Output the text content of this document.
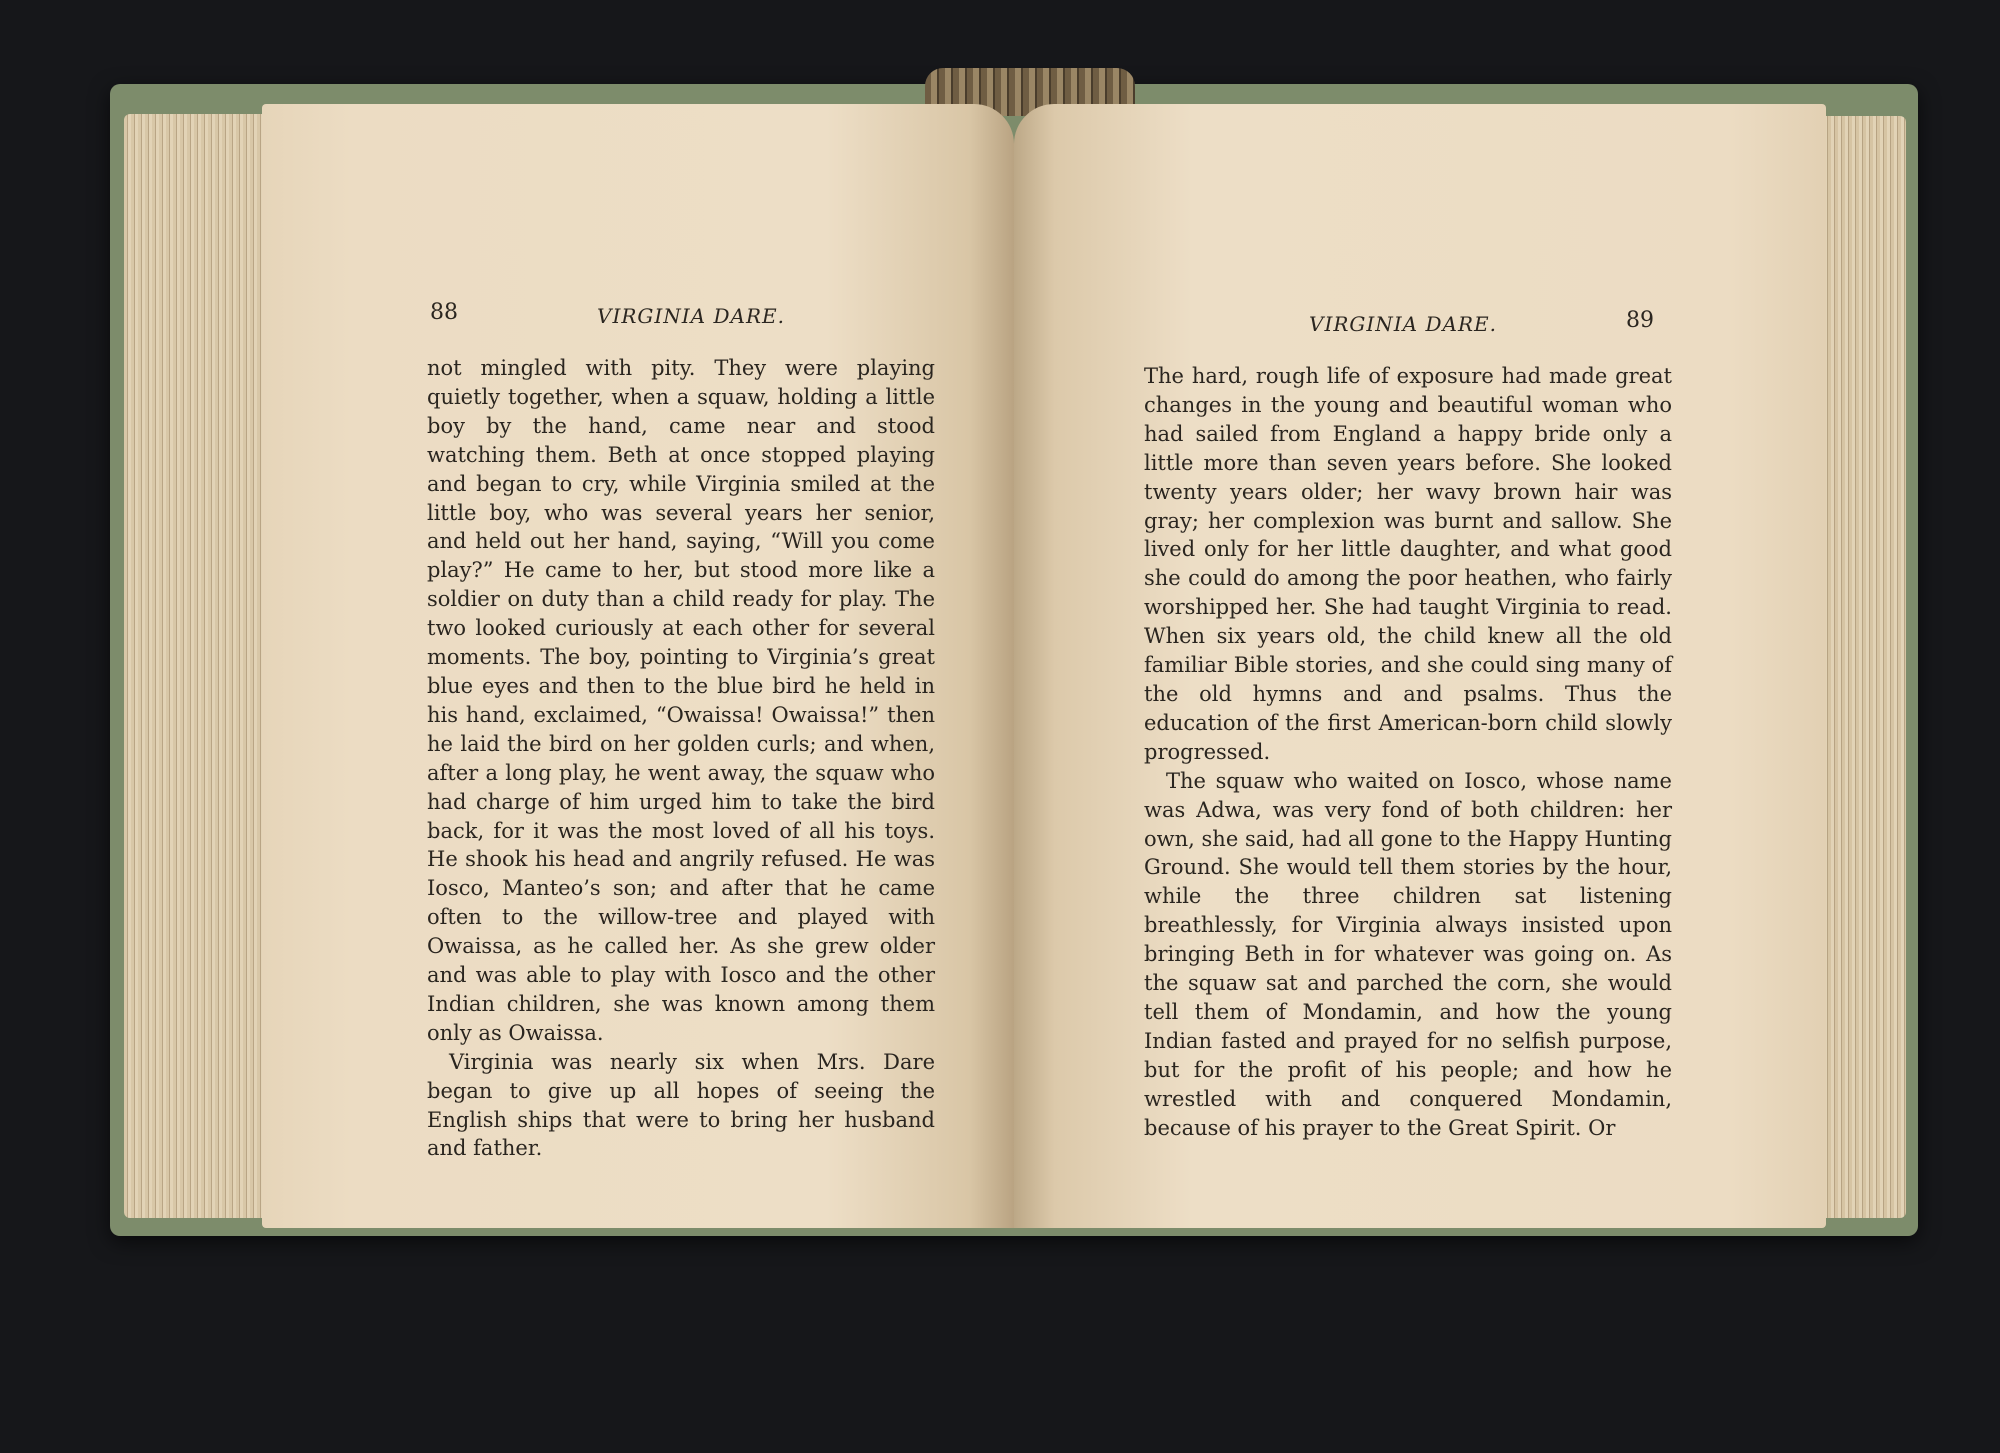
88	VIRGINIA DARE.

not mingled with pity. They were playing quietly together, when a squaw, holding a little boy by the hand, came near and stood watching them. Beth at once stopped playing and began to cry, while Virginia smiled at the little boy, who was several years her senior, and held out her hand, saying, “Will you come play?” He came to her, but stood more like a soldier on duty than a child ready for play. The two looked curiously at each other for several moments. The boy, pointing to Virginia’s great blue eyes and then to the blue bird he held in his hand, exclaimed, “Owaissa! Owaissa!” then he laid the bird on her golden curls; and when, after a long play, he went away, the squaw who had charge of him urged him to take the bird back, for it was the most loved of all his toys. He shook his head and angrily refused. He was Iosco, Manteo’s son; and after that he came often to the willow-tree and played with Owaissa, as he called her. As she grew older and was able to play with Iosco and the other Indian children, she was known among them only as Owaissa.

Virginia was nearly six when Mrs. Dare began to give up all hopes of seeing the English ships that were to bring her husband and father.

VIRGINIA DARE.	89

The hard, rough life of exposure had made great changes in the young and beautiful woman who had sailed from England a happy bride only a little more than seven years before. She looked twenty years older; her wavy brown hair was gray; her complexion was burnt and sallow. She lived only for her little daughter, and what good she could do among the poor heathen, who fairly worshipped her. She had taught Virginia to read. When six years old, the child knew all the old familiar Bible stories, and she could sing many of the old hymns and and psalms. Thus the education of the first American-born child slowly progressed.

The squaw who waited on Iosco, whose name was Adwa, was very fond of both children: her own, she said, had all gone to the Happy Hunting Ground. She would tell them stories by the hour, while the three children sat listening breathlessly, for Virginia always insisted upon bringing Beth in for whatever was going on. As the squaw sat and parched the corn, she would tell them of Mondamin, and how the young Indian fasted and prayed for no selfish purpose, but for the profit of his people; and how he wrestled with and conquered Mondamin, because of his prayer to the Great Spirit. Or
